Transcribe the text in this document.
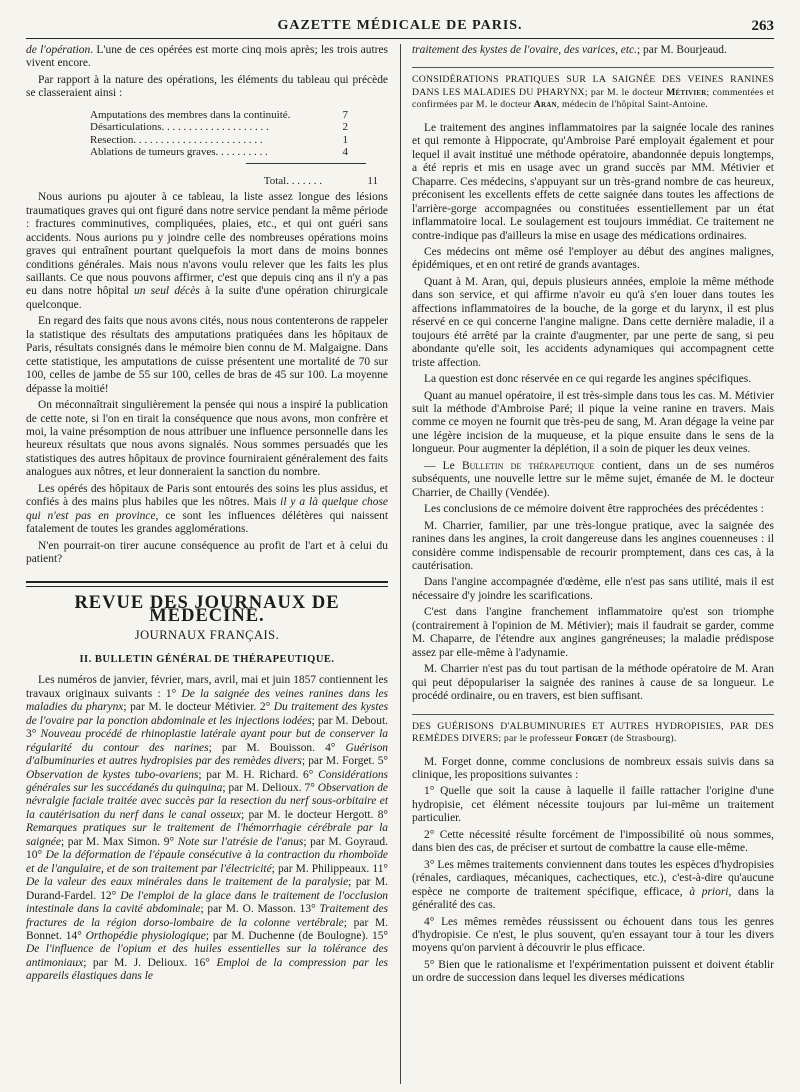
GAZETTE MÉDICALE DE PARIS.	263

de l'opération. L'une de ces opérées est morte cinq mois après; les trois autres vivent encore.

Par rapport à la nature des opérations, les éléments du tableau qui précède se classeraient ainsi :

Amputations des membres dans la continuité.	7
Désarticulations. . . . . . . . . . . . . . . . . . . .	2
Resection. . . . . . . . . . . . . . . . . . . . . . . .	1
Ablations de tumeurs graves. . . . . . . . . .	4
Total. . . . . . .	11

Nous aurions pu ajouter à ce tableau, la liste assez longue des lésions traumatiques graves qui ont figuré dans notre service pendant la même période : fractures comminutives, compliquées, plaies, etc., et qui ont guéri sans accidents. Nous aurions pu y joindre celle des nombreuses opérations moins graves qui entraînent pourtant quelquefois la mort dans de moins bonnes conditions générales. Mais nous n'avons voulu relever que les faits les plus saillants. Ce que nous pouvons affirmer, c'est que depuis cinq ans il n'y a pas eu dans notre hôpital un seul décès à la suite d'une opération chirurgicale quelconque.

En regard des faits que nous avons cités, nous nous contenterons de rappeler la statistique des résultats des amputations pratiquées dans les hôpitaux de Paris, résultats consignés dans le mémoire bien connu de M. Malgaigne. Dans cette statistique, les amputations de cuisse présentent une mortalité de 70 sur 100, celles de jambe de 55 sur 100, celles de bras de 45 sur 100. La moyenne dépasse la moitié!

On méconnaîtrait singulièrement la pensée qui nous a inspiré la publication de cette note, si l'on en tirait la conséquence que nous avons, mon confrère et moi, la vaine présomption de nous attribuer une influence personnelle dans les heureux résultats que nous avons signalés. Nous sommes persuadés que les statistiques des autres hôpitaux de province fourniraient généralement des faits analogues aux nôtres, et leur donneraient la sanction du nombre.

Les opérés des hôpitaux de Paris sont entourés des soins les plus assidus, et confiés à des mains plus habiles que les nôtres. Mais il y a là quelque chose qui n'est pas en province, ce sont les influences délétères qui naissent fatalement de toutes les grandes agglomérations.

N'en pourrait-on tirer aucune conséquence au profit de l'art et à celui du patient?

REVUE DES JOURNAUX DE MÉDECINE.
JOURNAUX FRANÇAIS.
II. BULLETIN GÉNÉRAL DE THÉRAPEUTIQUE.

Les numéros de janvier, février, mars, avril, mai et juin 1857 contiennent les travaux originaux suivants : 1° De la saignée des veines ranines dans les maladies du pharynx; par M. le docteur Métivier. 2° Du traitement des kystes de l'ovaire par la ponction abdominale et les injections iodées; par M. Debout. 3° Nouveau procédé de rhinoplastie latérale ayant pour but de conserver la régularité du contour des narines; par M. Bouisson. 4° Guérison d'albuminuries et autres hydropisies par des remèdes divers; par M. Forget. 5° Observation de kystes tubo-ovariens; par M. H. Richard. 6° Considérations générales sur les succédanés du quinquina; par M. Delioux. 7° Observation de névralgie faciale traitée avec succès par la resection du nerf sous-orbitaire et la cautérisation du nerf dans le canal osseux; par M. le docteur Hergott. 8° Remarques pratiques sur le traitement de l'hémorrhagie cérébrale par la saignée; par M. Max Simon. 9° Note sur l'atrésie de l'anus; par M. Goyraud. 10° De la déformation de l'épaule consécutive à la contraction du rhomboïde et de l'angulaire, et de son traitement par l'électricité; par M. Philippeaux. 11° De la valeur des eaux minérales dans le traitement de la paralysie; par M. Durand-Fardel. 12° De l'emploi de la glace dans le traitement de l'occlusion intestinale dans la cavité abdominale; par M. O. Masson. 13° Traitement des fractures de la région dorso-lombaire de la colonne vertébrale; par M. Bonnet. 14° Orthopédie physiologique; par M. Duchenne (de Boulogne). 15° De l'influence de l'opium et des huiles essentielles sur la tolérance des antimoniaux; par M. J. Delioux. 16° Emploi de la compression par les appareils élastiques dans le

traitement des kystes de l'ovaire, des varices, etc.; par M. Bourjeaud.

CONSIDÉRATIONS PRATIQUES SUR LA SAIGNÉE DES VEINES RANINES DANS LES MALADIES DU PHARYNX; par M. le docteur Métivier; commentées et confirmées par M. le docteur Aran, médecin de l'hôpital Saint-Antoine.

Le traitement des angines inflammatoires par la saignée locale des ranines et qui remonte à Hippocrate, qu'Ambroise Paré employait également et pour lequel il avait institué une méthode opératoire, abandonnée depuis longtemps, a été repris et mis en usage avec un grand succès par MM. Métivier et Chaparre. Ces médecins, s'appuyant sur un très-grand nombre de cas heureux, préconisent les excellents effets de cette saignée dans toutes les affections de l'arrière-gorge accompagnées ou constituées essentiellement par un état inflammatoire local. Le soulagement est toujours immédiat. Ce traitement ne contre-indique pas d'ailleurs la mise en usage des médications ordinaires.

Ces médecins ont même osé l'employer au début des angines malignes, épidémiques, et en ont retiré de grands avantages.

Quant à M. Aran, qui, depuis plusieurs années, emploie la même méthode dans son service, et qui affirme n'avoir eu qu'à s'en louer dans toutes les affections inflammatoires de la bouche, de la gorge et du larynx, il est plus réservé en ce qui concerne l'angine maligne. Dans cette dernière maladie, il a toujours été arrêté par la crainte d'augmenter, par une perte de sang, si peu abondante qu'elle soit, les accidents adynamiques qui accompagnent cette triste affection.

La question est donc réservée en ce qui regarde les angines spécifiques.

Quant au manuel opératoire, il est très-simple dans tous les cas. M. Métivier suit la méthode d'Ambroise Paré; il pique la veine ranine en travers. Mais comme ce moyen ne fournit que très-peu de sang, M. Aran dégage la veine par une légère incision de la muqueuse, et la pique ensuite dans le sens de la longueur. Pour augmenter la déplétion, il a soin de piquer les deux veines.

— Le Bulletin de thérapeutique contient, dans un de ses numéros subséquents, une nouvelle lettre sur le même sujet, émanée de M. le docteur Charrier, de Chailly (Vendée).

Les conclusions de ce mémoire doivent être rapprochées des précédentes :

M. Charrier, familier, par une très-longue pratique, avec la saignée des ranines dans les angines, la croit dangereuse dans les angines couenneuses : il considère comme indispensable de recourir promptement, dans ces cas, à la cautérisation.

Dans l'angine accompagnée d'œdème, elle n'est pas sans utilité, mais il est nécessaire d'y joindre les scarifications.

C'est dans l'angine franchement inflammatoire qu'est son triomphe (contrairement à l'opinion de M. Métivier); mais il faudrait se garder, comme M. Chaparre, de l'étendre aux angines gangréneuses; la maladie prédispose assez par elle-même à l'adynamie.

M. Charrier n'est pas du tout partisan de la méthode opératoire de M. Aran qui peut dépopulariser la saignée des ranines à cause de sa longueur. Le procédé ordinaire, ou en travers, est bien suffisant.

DES GUÉRISONS D'ALBUMINURIES ET AUTRES HYDROPISIES, PAR DES REMÈDES DIVERS; par le professeur Forget (de Strasbourg).

M. Forget donne, comme conclusions de nombreux essais suivis dans sa clinique, les propositions suivantes :

1° Quelle que soit la cause à laquelle il faille rattacher l'origine d'une hydropisie, cet élément nécessite toujours par lui-même un traitement particulier.

2° Cette nécessité résulte forcément de l'impossibilité où nous sommes, dans bien des cas, de préciser et surtout de combattre la cause elle-même.

3° Les mêmes traitements conviennent dans toutes les espèces d'hydropisies (rénales, cardiaques, mécaniques, cachectiques, etc.), c'est-à-dire qu'aucune espèce ne comporte de traitement spécifique, efficace, à priori, dans la généralité des cas.

4° Les mêmes remèdes réussissent ou échouent dans tous les genres d'hydropisie. Ce n'est, le plus souvent, qu'en essayant tour à tour les divers moyens qu'on parvient à découvrir le plus efficace.

5° Bien que le rationalisme et l'expérimentation puissent et doivent établir un ordre de succession dans lequel les diverses médications
